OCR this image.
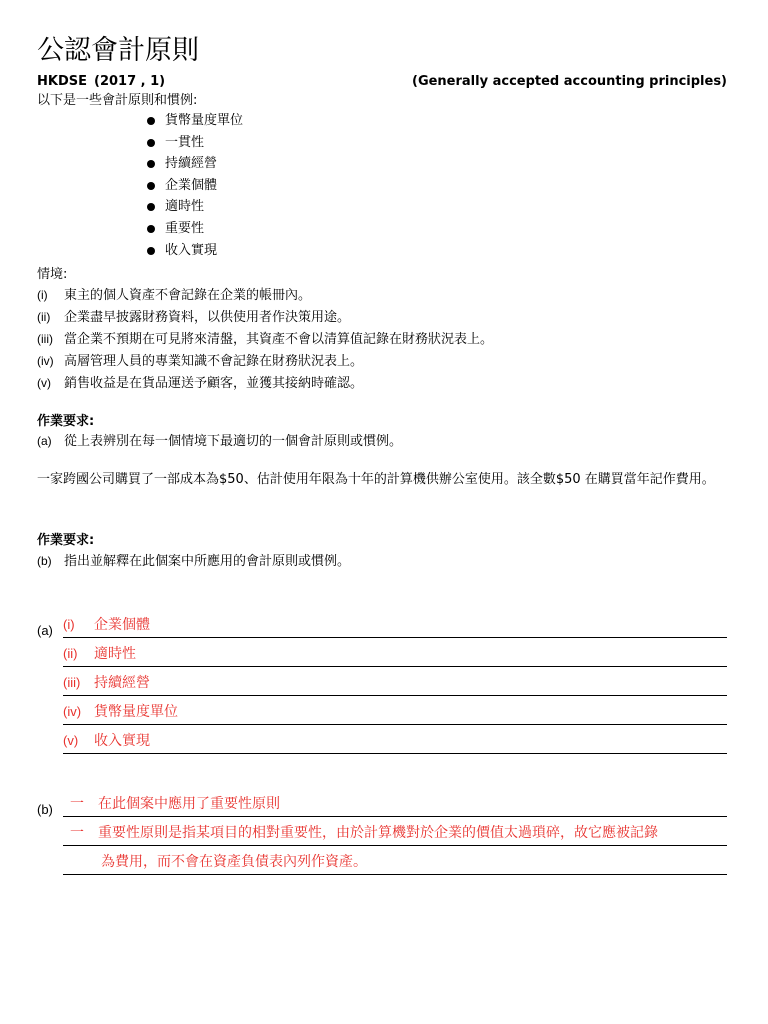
公認會計原則
HKDSE (2017 , 1)	(Generally accepted accounting principles)
以下是一些會計原則和慣例:
貨幣量度單位
一貫性
持續經營
企業個體
適時性
重要性
收入實現
情境:
(i) 東主的個人資產不會記錄在企業的帳冊內。
(ii) 企業盡早披露財務資料，以供使用者作決策用途。
(iii) 當企業不預期在可見將來清盤，其資產不會以清算值記錄在財務狀況表上。
(iv) 高層管理人員的專業知識不會記錄在財務狀況表上。
(v) 銷售收益是在貨品運送予顧客，並獲其接納時確認。
作業要求:
(a) 從上表辨別在每一個情境下最適切的一個會計原則或慣例。
一家跨國公司購買了一部成本為$50、估計使用年限為十年的計算機供辦公室使用。該全數$50 在購買當年記作費用。
作業要求:
(b) 指出並解釋在此個案中所應用的會計原則或慣例。
(a) (i) 企業個體
(ii) 適時性
(iii) 持續經營
(iv) 貨幣量度單位
(v) 收入實現
(b) 一　在此個案中應用了重要性原則
一　重要性原則是指某項目的相對重要性，由於計算機對於企業的價值太過瑣碎，故它應被記錄
為費用，而不會在資產負債表內列作資產。
